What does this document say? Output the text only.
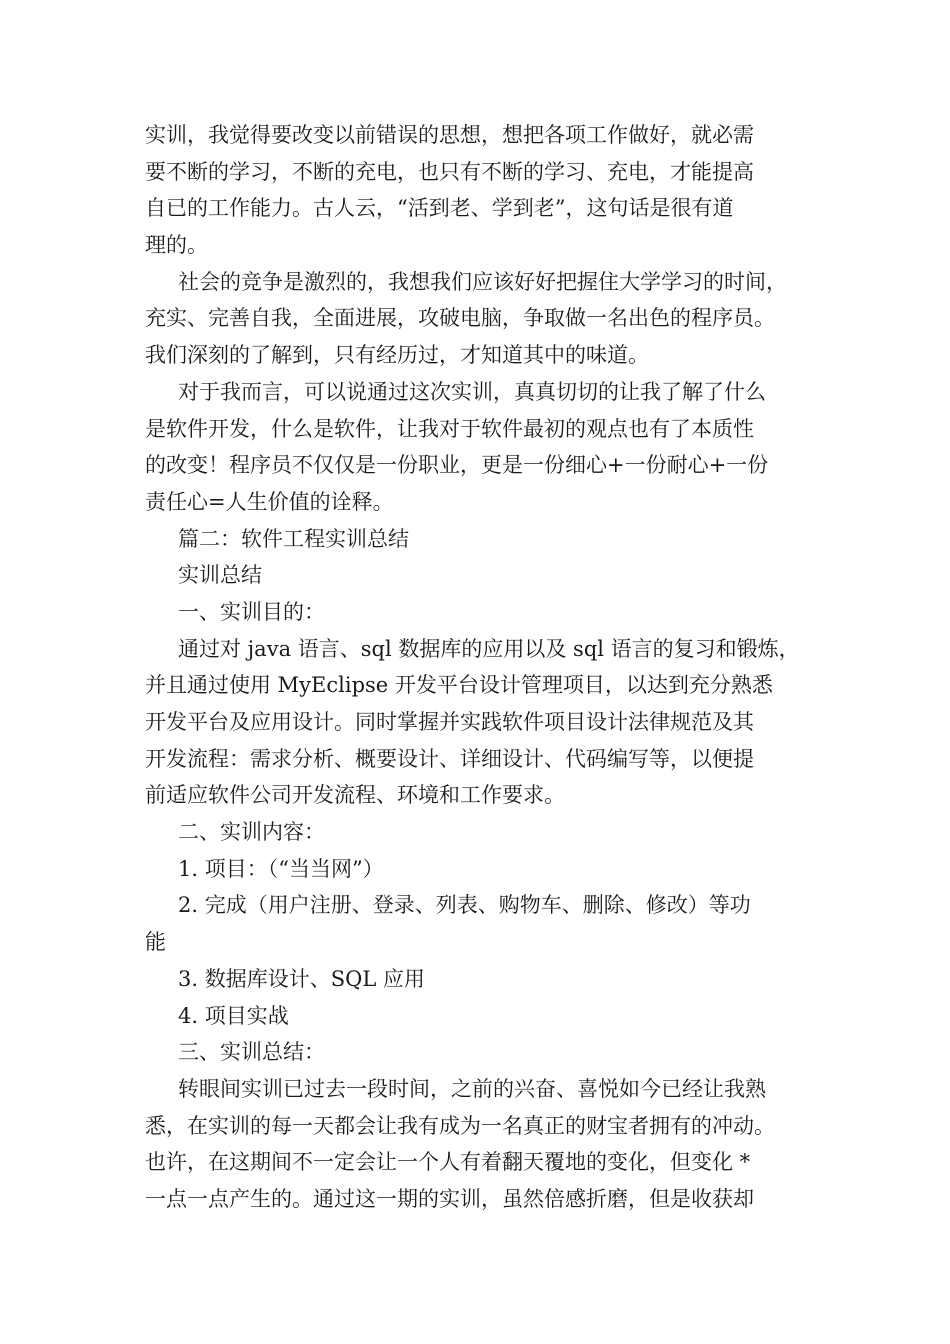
实训，我觉得要改变以前错误的思想，想把各项工作做好，就必需
要不断的学习，不断的充电，也只有不断的学习、充电，才能提高
自已的工作能力。古人云，“活到老、学到老”，这句话是很有道
理的。
社会的竞争是激烈的，我想我们应该好好把握住大学学习的时间，
充实、完善自我，全面进展，攻破电脑，争取做一名出色的程序员。
我们深刻的了解到，只有经历过，才知道其中的味道。
对于我而言，可以说通过这次实训，真真切切的让我了解了什么
是软件开发，什么是软件，让我对于软件最初的观点也有了本质性
的改变！程序员不仅仅是一份职业，更是一份细心+一份耐心+一份
责任心=人生价值的诠释。
篇二：软件工程实训总结
实训总结
一、实训目的：
通过对 java 语言、sql 数据库的应用以及 sql 语言的复习和锻炼，
并且通过使用 MyEclipse 开发平台设计管理项目，以达到充分熟悉
开发平台及应用设计。同时掌握并实践软件项目设计法律规范及其
开发流程：需求分析、概要设计、详细设计、代码编写等，以便提
前适应软件公司开发流程、环境和工作要求。
二、实训内容：
1. 项目：（“当当网”）
2. 完成（用户注册、登录、列表、购物车、删除、修改）等功
能
3. 数据库设计、SQL 应用
4. 项目实战
三、实训总结：
转眼间实训已过去一段时间，之前的兴奋、喜悦如今已经让我熟
悉，在实训的每一天都会让我有成为一名真正的财宝者拥有的冲动。
也许，在这期间不一定会让一个人有着翻天覆地的变化，但变化 *
一点一点产生的。通过这一期的实训，虽然倍感折磨，但是收获却
